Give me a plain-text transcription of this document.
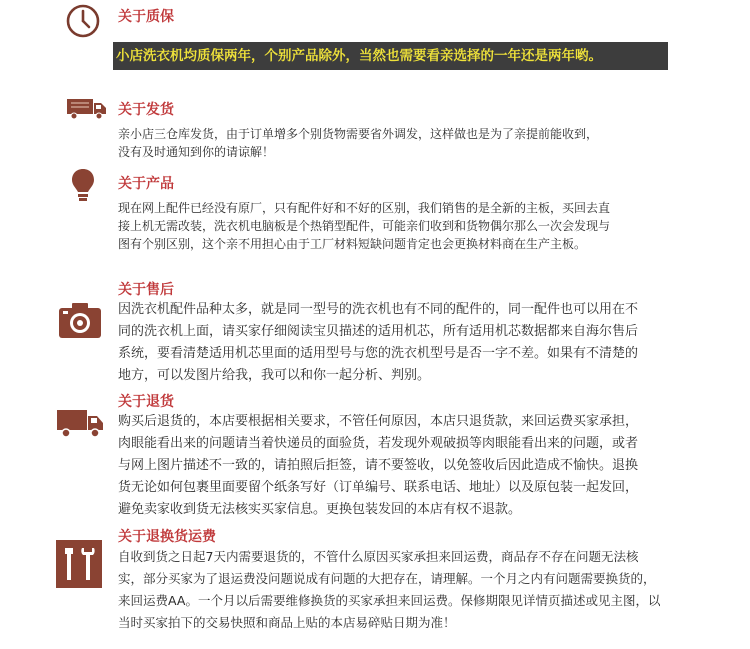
关于质保
小店洗衣机均质保两年，个别产品除外，当然也需要看亲选择的一年还是两年哟。
关于发货
亲小店三仓库发货，由于订单增多个别货物需要省外调发，这样做也是为了亲提前能收到，
没有及时通知到你的请谅解！
关于产品
现在网上配件已经没有原厂，只有配件好和不好的区别，我们销售的是全新的主板，买回去直
接上机无需改装，洗衣机电脑板是个热销型配件，可能亲们收到和货物偶尔那么一次会发现与
图有个别区别，这个亲不用担心由于工厂材料短缺问题肯定也会更换材料商在生产主板。
关于售后
因洗衣机配件品种太多，就是同一型号的洗衣机也有不同的配件的，同一配件也可以用在不
同的洗衣机上面，请买家仔细阅读宝贝描述的适用机芯，所有适用机芯数据都来自海尔售后
系统，要看清楚适用机芯里面的适用型号与您的洗衣机型号是否一字不差。如果有不清楚的
地方，可以发图片给我，我可以和你一起分析、判别。
关于退货
购买后退货的，本店要根据相关要求，不管任何原因，本店只退货款，来回运费买家承担，
肉眼能看出来的问题请当着快递员的面验货，若发现外观破损等肉眼能看出来的问题，或者
与网上图片描述不一致的，请拍照后拒签，请不要签收，以免签收后因此造成不愉快。退换
货无论如何包裹里面要留个纸条写好（订单编号、联系电话、地址）以及原包装一起发回，
避免卖家收到货无法核实买家信息。更换包装发回的本店有权不退款。
关于退换货运费
自收到货之日起7天内需要退货的，不管什么原因买家承担来回运费，商品存不存在问题无法核
实，部分买家为了退运费没问题说成有问题的大把存在，请理解。一个月之内有问题需要换货的，
来回运费AA。一个月以后需要维修换货的买家承担来回运费。保修期限见详情页描述或见主图，以
当时买家拍下的交易快照和商品上贴的本店易碎贴日期为准！
